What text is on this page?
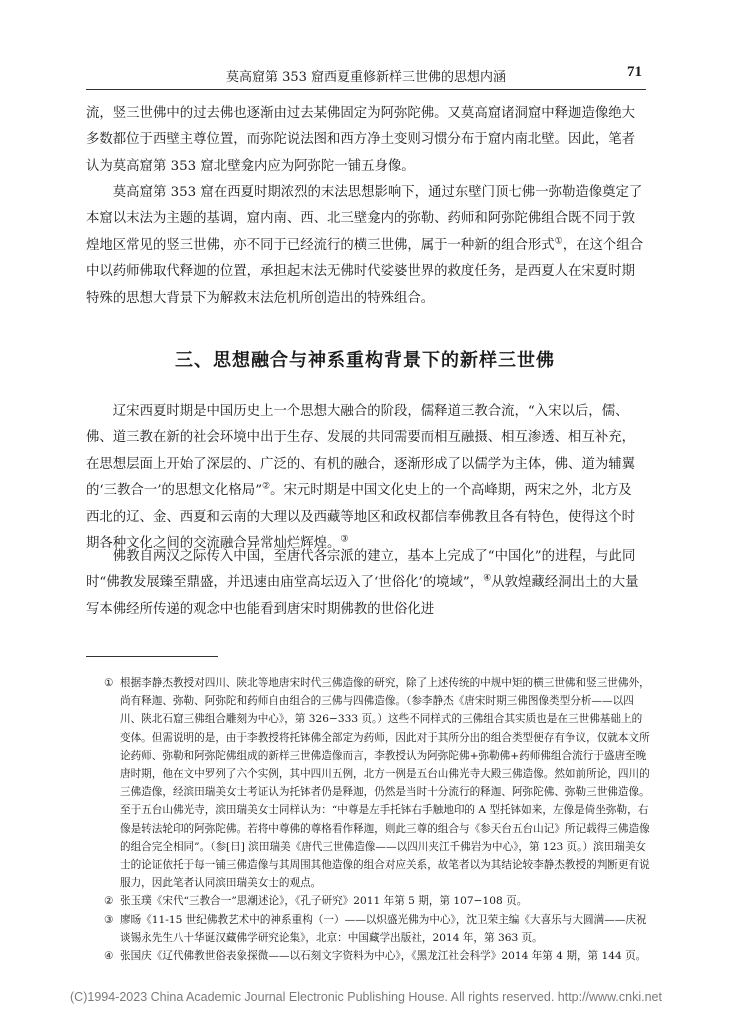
莫高窟第 353 窟西夏重修新样三世佛的思想内涵	71
流，竖三世佛中的过去佛也逐渐由过去某佛固定为阿弥陀佛。又莫高窟诸洞窟中释迦造像绝大多数都位于西壁主尊位置，而弥陀说法图和西方净土变则习惯分布于窟内南北壁。因此，笔者认为莫高窟第 353 窟北壁龛内应为阿弥陀一铺五身像。
莫高窟第 353 窟在西夏时期浓烈的末法思想影响下，通过东壁门顶七佛一弥勒造像奠定了本窟以末法为主题的基调，窟内南、西、北三壁龛内的弥勒、药师和阿弥陀佛组合既不同于敦煌地区常见的竖三世佛，亦不同于已经流行的横三世佛，属于一种新的组合形式①，在这个组合中以药师佛取代释迦的位置，承担起末法无佛时代娑婆世界的救度任务，是西夏人在宋夏时期特殊的思想大背景下为解救末法危机所创造出的特殊组合。
三、思想融合与神系重构背景下的新样三世佛
辽宋西夏时期是中国历史上一个思想大融合的阶段，儒释道三教合流，“入宋以后，儒、佛、道三教在新的社会环境中出于生存、发展的共同需要而相互融摄、相互渗透、相互补充，在思想层面上开始了深层的、广泛的、有机的融合，逐渐形成了以儒学为主体，佛、道为辅翼的‘三教合一’的思想文化格局”②。宋元时期是中国文化史上的一个高峰期，两宋之外，北方及西北的辽、金、西夏和云南的大理以及西藏等地区和政权都信奉佛教且各有特色，使得这个时期各种文化之间的交流融合异常灿烂辉煌。③
佛教自两汉之际传入中国，至唐代各宗派的建立，基本上完成了“中国化”的进程，与此同时“佛教发展臻至鼎盛，并迅速由庙堂高坛迈入了‘世俗化’的境域”，④从敦煌藏经洞出土的大量写本佛经所传递的观念中也能看到唐宋时期佛教的世俗化进
① 根据李静杰教授对四川、陕北等地唐宋时代三佛造像的研究，除了上述传统的中规中矩的横三世佛和竖三世佛外，尚有释迦、弥勒、阿弥陀和药师自由组合的三佛与四佛造像。（参李静杰《唐宋时期三佛图像类型分析——以四川、陕北石窟三佛组合雕刻为中心》，第 326−333 页。）这些不同样式的三佛组合其实质也是在三世佛基础上的变体。但需说明的是，由于李教授将托钵佛全部定为药师，因此对于其所分出的组合类型便存有争议，仅就本文所论药师、弥勒和阿弥陀佛组成的新样三世佛造像而言，李教授认为阿弥陀佛+弥勒佛+药师佛组合流行于盛唐至晚唐时期，他在文中罗列了六个实例，其中四川五例，北方一例是五台山佛光寺大殿三佛造像。然如前所论，四川的三佛造像，经滨田瑞美女士考证认为托钵者仍是释迦，仍然是当时十分流行的释迦、阿弥陀佛、弥勒三世佛造像。至于五台山佛光寺，滨田瑞美女士同样认为：“中尊是左手托钵右手触地印的 A 型托钵如来，左像是倚坐弥勒，右像是转法轮印的阿弥陀佛。若将中尊佛的尊格看作释迦，则此三尊的组合与《参天台五台山记》所记载得三佛造像的组合完全相同”。（参[日] 滨田瑞美《唐代三世佛造像——以四川夹江千佛岩为中心》，第 123 页。）滨田瑞美女士的论证依托于每一铺三佛造像与其周围其他造像的组合对应关系，故笔者以为其结论较李静杰教授的判断更有说服力，因此笔者认同滨田瑞美女士的观点。
② 张玉璞《宋代“三教合一”思潮述论》，《孔子研究》2011 年第 5 期，第 107−108 页。
③ 廖旸《11-15 世纪佛教艺术中的神系重构（一）——以炽盛光佛为中心》，沈卫荣主编《大喜乐与大圆满——庆祝谈锡永先生八十华诞汉藏佛学研究论集》，北京：中国藏学出版社，2014 年，第 363 页。
④ 张国庆《辽代佛教世俗表象探微——以石刻文字资料为中心》，《黑龙江社会科学》2014 年第 4 期，第 144 页。
(C)1994-2023 China Academic Journal Electronic Publishing House. All rights reserved. http://www.cnki.net
